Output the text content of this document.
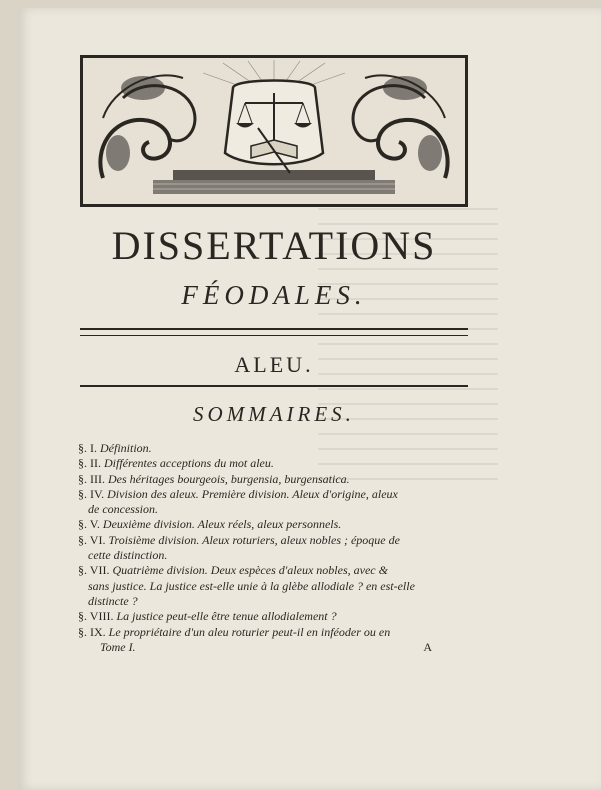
DISSERTATIONS
FÉODALES.
ALEU.
SOMMAIRES.

§. I. Définition.

§. II. Différentes acceptions du mot aleu.

§. III. Des héritages bourgeois, burgensia, burgensatica.

§. IV. Division des aleux. Première division. Aleux d'origine, aleux
de concession.

§. V. Deuxième division. Aleux réels, aleux personnels.

§. VI. Troisième division. Aleux roturiers, aleux nobles ; époque de
cette distinction.

§. VII. Quatrième division. Deux espèces d'aleux nobles, avec &
sans justice. La justice est-elle unie à la glèbe allodiale ? en est-elle
distincte ?

§. VIII. La justice peut-elle être tenue allodialement ?

§. IX. Le propriétaire d'un aleu roturier peut-il en inféoder ou en

Tome I.	A
